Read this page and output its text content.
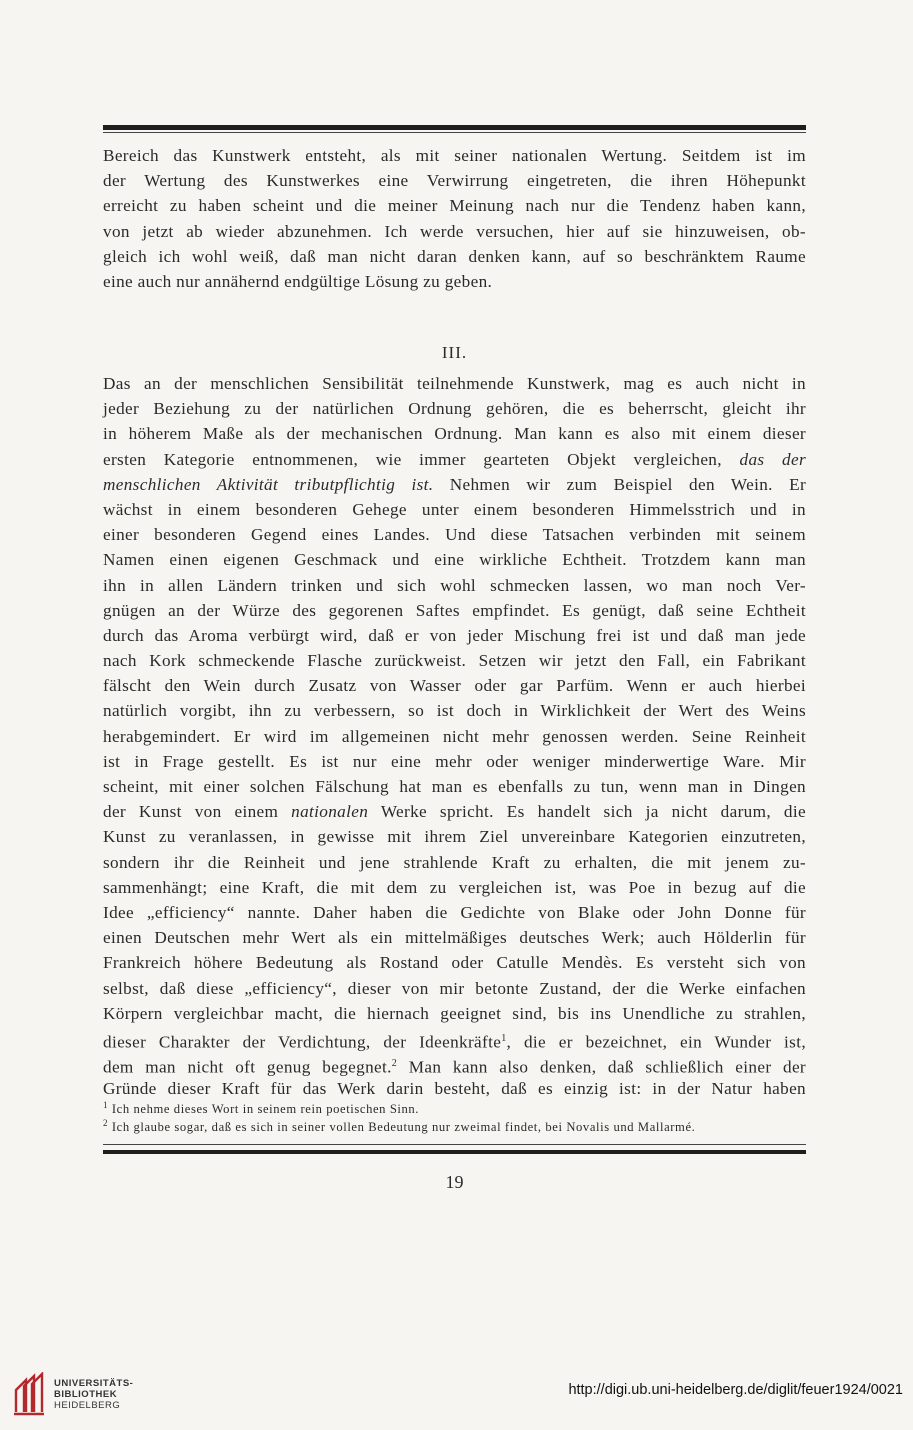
Bereich das Kunstwerk entsteht, als mit seiner nationalen Wertung. Seitdem ist im
der Wertung des Kunstwerkes eine Verwirrung eingetreten, die ihren Höhepunkt
erreicht zu haben scheint und die meiner Meinung nach nur die Tendenz haben kann,
von jetzt ab wieder abzunehmen. Ich werde versuchen, hier auf sie hinzuweisen, ob-
gleich ich wohl weiß, daß man nicht daran denken kann, auf so beschränktem Raume
eine auch nur annähernd endgültige Lösung zu geben.
III.
Das an der menschlichen Sensibilität teilnehmende Kunstwerk, mag es auch nicht in
jeder Beziehung zu der natürlichen Ordnung gehören, die es beherrscht, gleicht ihr
in höherem Maße als der mechanischen Ordnung. Man kann es also mit einem dieser
ersten Kategorie entnommenen, wie immer gearteten Objekt vergleichen, das der
menschlichen Aktivität tributpflichtig ist. Nehmen wir zum Beispiel den Wein. Er
wächst in einem besonderen Gehege unter einem besonderen Himmelsstrich und in
einer besonderen Gegend eines Landes. Und diese Tatsachen verbinden mit seinem
Namen einen eigenen Geschmack und eine wirkliche Echtheit. Trotzdem kann man
ihn in allen Ländern trinken und sich wohl schmecken lassen, wo man noch Ver-
gnügen an der Würze des gegorenen Saftes empfindet. Es genügt, daß seine Echtheit
durch das Aroma verbürgt wird, daß er von jeder Mischung frei ist und daß man jede
nach Kork schmeckende Flasche zurückweist. Setzen wir jetzt den Fall, ein Fabrikant
fälscht den Wein durch Zusatz von Wasser oder gar Parfüm. Wenn er auch hierbei
natürlich vorgibt, ihn zu verbessern, so ist doch in Wirklichkeit der Wert des Weins
herabgemindert. Er wird im allgemeinen nicht mehr genossen werden. Seine Reinheit
ist in Frage gestellt. Es ist nur eine mehr oder weniger minderwertige Ware. Mir
scheint, mit einer solchen Fälschung hat man es ebenfalls zu tun, wenn man in Dingen
der Kunst von einem nationalen Werke spricht. Es handelt sich ja nicht darum, die
Kunst zu veranlassen, in gewisse mit ihrem Ziel unvereinbare Kategorien einzutreten,
sondern ihr die Reinheit und jene strahlende Kraft zu erhalten, die mit jenem zu-
sammenhängt; eine Kraft, die mit dem zu vergleichen ist, was Poe in bezug auf die
Idee „efficiency“ nannte. Daher haben die Gedichte von Blake oder John Donne für
einen Deutschen mehr Wert als ein mittelmäßiges deutsches Werk; auch Hölderlin für
Frankreich höhere Bedeutung als Rostand oder Catulle Mendès. Es versteht sich von
selbst, daß diese „efficiency“, dieser von mir betonte Zustand, der die Werke einfachen
Körpern vergleichbar macht, die hiernach geeignet sind, bis ins Unendliche zu strahlen,
dieser Charakter der Verdichtung, der Ideenkräfte$^1$, die er bezeichnet, ein Wunder ist,
dem man nicht oft genug begegnet.$^2$ Man kann also denken, daß schließlich einer der
Gründe dieser Kraft für das Werk darin besteht, daß es einzig ist: in der Natur haben
$^1$ Ich nehme dieses Wort in seinem rein poetischen Sinn.
$^2$ Ich glaube sogar, daß es sich in seiner vollen Bedeutung nur zweimal findet, bei Novalis und Mallarmé.
19
UNIVERSITÄTS-
BIBLIOTHEK
HEIDELBERG
http://digi.ub.uni-heidelberg.de/diglit/feuer1924/0021
